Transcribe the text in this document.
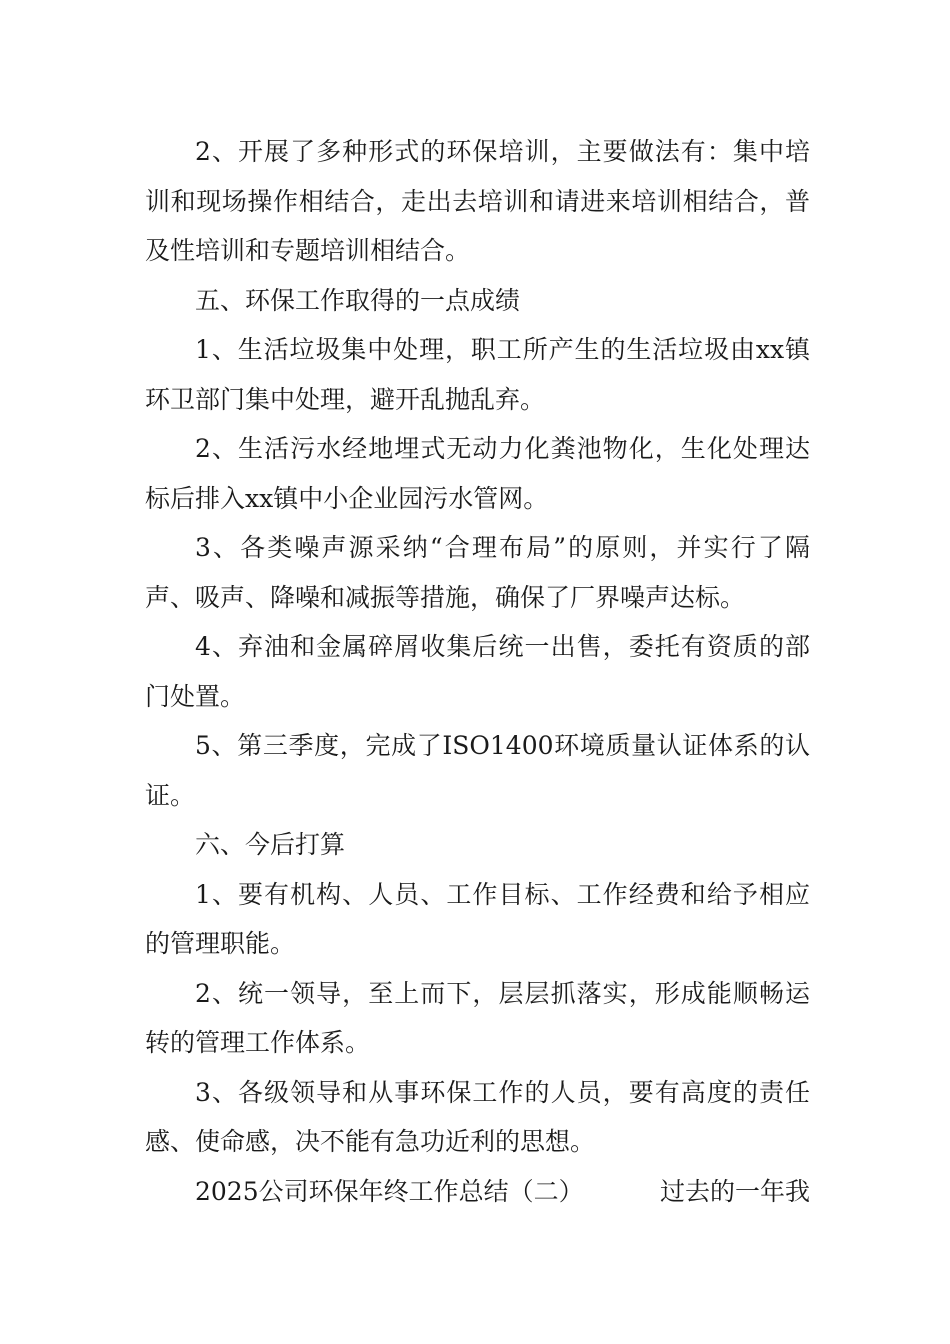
2、开展了多种形式的环保培训，主要做法有：集中培训和现场操作相结合，走出去培训和请进来培训相结合，普及性培训和专题培训相结合。

五、环保工作取得的一点成绩

1、生活垃圾集中处理，职工所产生的生活垃圾由xx镇环卫部门集中处理，避开乱抛乱弃。

2、生活污水经地埋式无动力化粪池物化，生化处理达标后排入xx镇中小企业园污水管网。

3、各类噪声源采纳“合理布局”的原则，并实行了隔声、吸声、降噪和减振等措施，确保了厂界噪声达标。

4、弃油和金属碎屑收集后统一出售，委托有资质的部门处置。

5、第三季度，完成了ISO1400环境质量认证体系的认证。

六、今后打算

1、要有机构、人员、工作目标、工作经费和给予相应的管理职能。

2、统一领导，至上而下，层层抓落实，形成能顺畅运转的管理工作体系。

3、各级领导和从事环保工作的人员，要有高度的责任感、使命感，决不能有急功近利的思想。

2025公司环保年终工作总结（二）	过去的一年我
